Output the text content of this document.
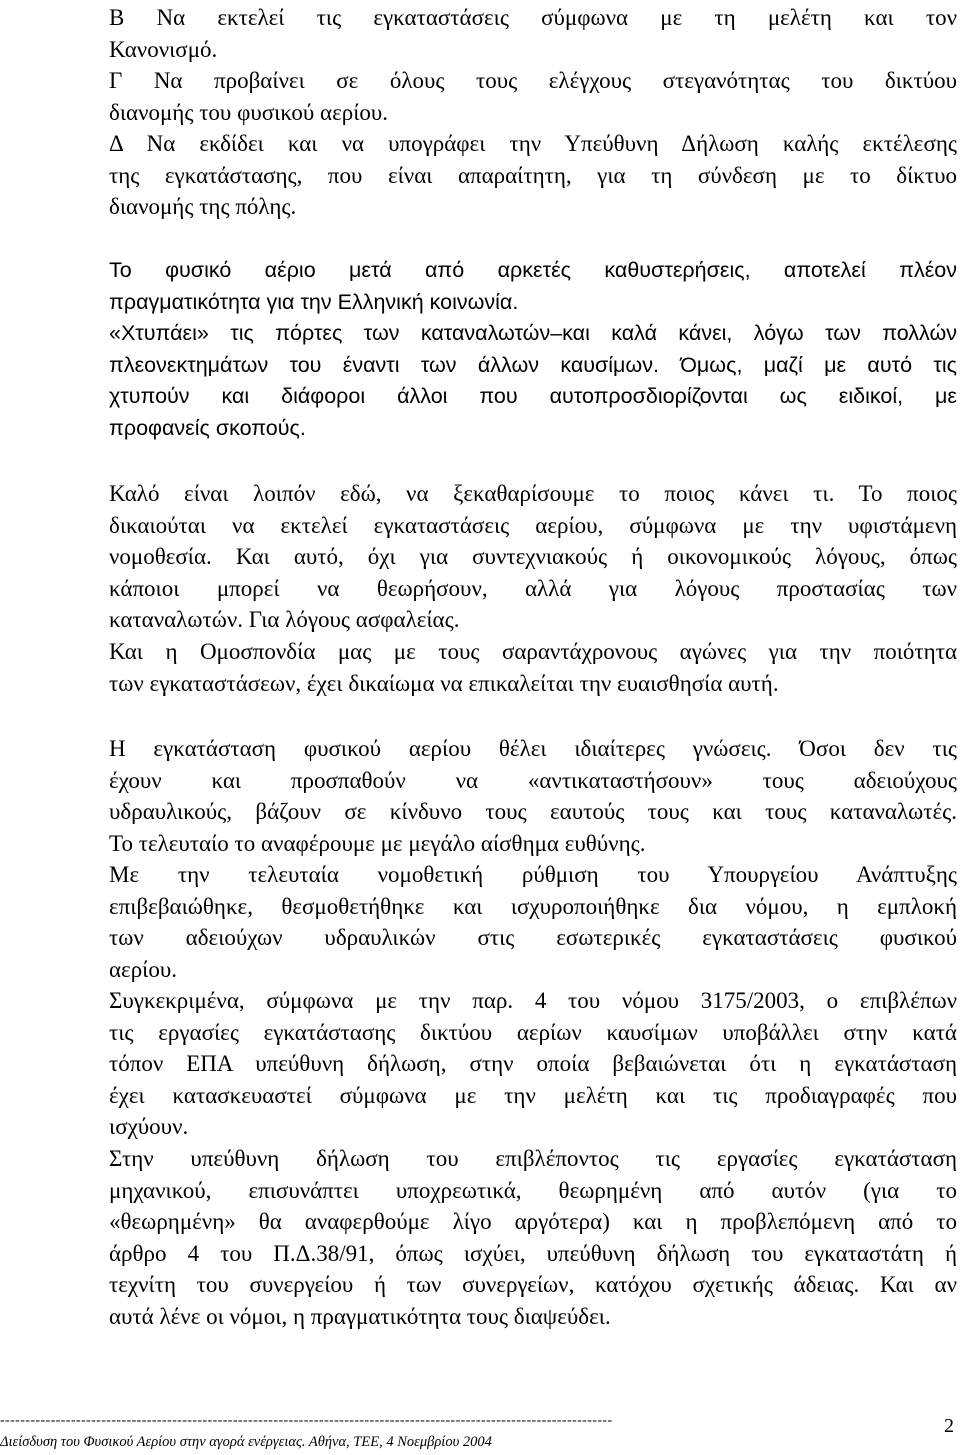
Β Να εκτελεί τις εγκαταστάσεις σύμφωνα με τη μελέτη και τον
Κανονισμό.
Γ Να προβαίνει σε όλους τους ελέγχους στεγανότητας του δικτύου
διανομής του φυσικού αερίου.
Δ Να εκδίδει και να υπογράφει την Υπεύθυνη Δήλωση καλής εκτέλεσης
της εγκατάστασης, που είναι απαραίτητη, για τη σύνδεση με το δίκτυο
διανομής της πόλης.
Το φυσικό αέριο μετά από αρκετές καθυστερήσεις, αποτελεί πλέον
πραγματικότητα για την Ελληνική κοινωνία.
«Χτυπάει» τις πόρτες των καταναλωτών–και καλά κάνει, λόγω των πολλών
πλεονεκτημάτων του έναντι των άλλων καυσίμων. Όμως, μαζί με αυτό τις
χτυπούν και διάφοροι άλλοι που αυτοπροσδιορίζονται ως ειδικοί, με
προφανείς σκοπούς.
Καλό είναι λοιπόν εδώ, να ξεκαθαρίσουμε το ποιος κάνει τι. Το ποιος
δικαιούται να εκτελεί εγκαταστάσεις αερίου, σύμφωνα με την υφιστάμενη
νομοθεσία. Και αυτό, όχι για συντεχνιακούς ή οικονομικούς λόγους, όπως
κάποιοι μπορεί να θεωρήσουν, αλλά για λόγους προστασίας των
καταναλωτών. Για λόγους ασφαλείας.
Και η Ομοσπονδία μας με τους σαραντάχρονους αγώνες για την ποιότητα
των εγκαταστάσεων, έχει δικαίωμα να επικαλείται την ευαισθησία αυτή.
Η εγκατάσταση φυσικού αερίου θέλει ιδιαίτερες γνώσεις. Όσοι δεν τις
έχουν και προσπαθούν να «αντικαταστήσουν» τους αδειούχους
υδραυλικούς, βάζουν σε κίνδυνο τους εαυτούς τους και τους καταναλωτές.
Το τελευταίο το αναφέρουμε με μεγάλο αίσθημα ευθύνης.
Με την τελευταία νομοθετική ρύθμιση του Υπουργείου Ανάπτυξης
επιβεβαιώθηκε, θεσμοθετήθηκε και ισχυροποιήθηκε δια νόμου, η εμπλοκή
των αδειούχων υδραυλικών στις εσωτερικές εγκαταστάσεις φυσικού
αερίου.
Συγκεκριμένα, σύμφωνα με την παρ. 4 του νόμου 3175/2003, ο επιβλέπων
τις εργασίες εγκατάστασης δικτύου αερίων καυσίμων υποβάλλει στην κατά
τόπον ΕΠΑ υπεύθυνη δήλωση, στην οποία βεβαιώνεται ότι η εγκατάσταση
έχει κατασκευαστεί σύμφωνα με την μελέτη και τις προδιαγραφές που
ισχύουν.
Στην υπεύθυνη δήλωση του επιβλέποντος τις εργασίες εγκατάσταση
μηχανικού, επισυνάπτει υποχρεωτικά, θεωρημένη από αυτόν (για το
«θεωρημένη» θα αναφερθούμε λίγο αργότερα) και η προβλεπόμενη από το
άρθρο 4 του Π.Δ.38/91, όπως ισχύει, υπεύθυνη δήλωση του εγκαταστάτη ή
τεχνίτη του συνεργείου ή των συνεργείων, κατόχου σχετικής άδειας. Και αν
αυτά λένε οι νόμοι, η πραγματικότητα τους διαψεύδει.
-------------------------------------------------------------------------------------------------------------------------
Διείσδυση του Φυσικού Αερίου στην αγορά ενέργειας. Αθήνα, ΤΕΕ, 4 Νοεμβρίου 2004
2
